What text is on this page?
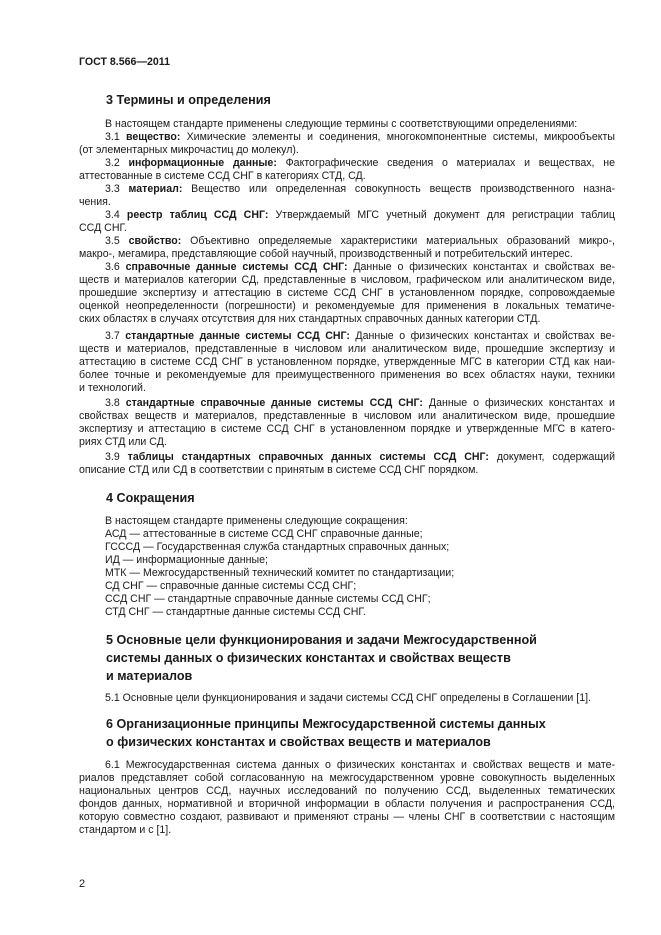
ГОСТ 8.566—2011
3 Термины и определения
В настоящем стандарте применены следующие термины с соответствующими определениями:
3.1 вещество: Химические элементы и соединения, многокомпонентные системы, микрообъекты
(от элементарных микрочастиц до молекул).
3.2 информационные данные: Фактографические сведения о материалах и веществах, не
аттестованные в системе ССД СНГ в категориях СТД, СД.
3.3 материал: Вещество или определенная совокупность веществ производственного назна-
чения.
3.4 реестр таблиц ССД СНГ: Утверждаемый МГС учетный документ для регистрации таблиц
ССД СНГ.
3.5 свойство: Объективно определяемые характеристики материальных образований микро-,
макро-, мегамира, представляющие собой научный, производственный и потребительский интерес.
3.6 справочные данные системы ССД СНГ: Данные о физических константах и свойствах ве-
ществ и материалов категории СД, представленные в числовом, графическом или аналитическом виде,
прошедшие экспертизу и аттестацию в системе ССД СНГ в установленном порядке, сопровождаемые
оценкой неопределенности (погрешности) и рекомендуемые для применения в локальных тематиче-
ских областях в случаях отсутствия для них стандартных справочных данных категории СТД.
3.7 стандартные данные системы ССД СНГ: Данные о физических константах и свойствах ве-
ществ и материалов, представленные в числовом или аналитическом виде, прошедшие экспертизу и
аттестацию в системе ССД СНГ в установленном порядке, утвержденные МГС в категории СТД как наи-
более точные и рекомендуемые для преимущественного применения во всех областях науки, техники
и технологий.
3.8 стандартные справочные данные системы ССД СНГ: Данные о физических константах и
свойствах веществ и материалов, представленные в числовом или аналитическом виде, прошедшие
экспертизу и аттестацию в системе ССД СНГ в установленном порядке и утвержденные МГС в катего-
риях СТД или СД.
3.9 таблицы стандартных справочных данных системы ССД СНГ: документ, содержащий
описание СТД или СД в соответствии с принятым в системе ССД СНГ порядком.
4 Сокращения
В настоящем стандарте применены следующие сокращения:
АСД — аттестованные в системе ССД СНГ справочные данные;
ГСССД — Государственная служба стандартных справочных данных;
ИД — информационные данные;
МТК — Межгосударственный технический комитет по стандартизации;
СД СНГ — справочные данные системы ССД СНГ;
ССД СНГ — стандартные справочные данные системы ССД СНГ;
СТД СНГ — стандартные данные системы ССД СНГ.
5 Основные цели функционирования и задачи Межгосударственной
системы данных о физических константах и свойствах веществ
и материалов
5.1 Основные цели функционирования и задачи системы ССД СНГ определены в Соглашении [1].
6 Организационные принципы Межгосударственной системы данных
о физических константах и свойствах веществ и материалов
6.1 Межгосударственная система данных о физических константах и свойствах веществ и мате-
риалов представляет собой согласованную на межгосударственном уровне совокупность выделенных
национальных центров ССД, научных исследований по получению ССД, выделенных тематических
фондов данных, нормативной и вторичной информации в области получения и распространения ССД,
которую совместно создают, развивают и применяют страны — члены СНГ в соответствии с настоящим
стандартом и с [1].
2
